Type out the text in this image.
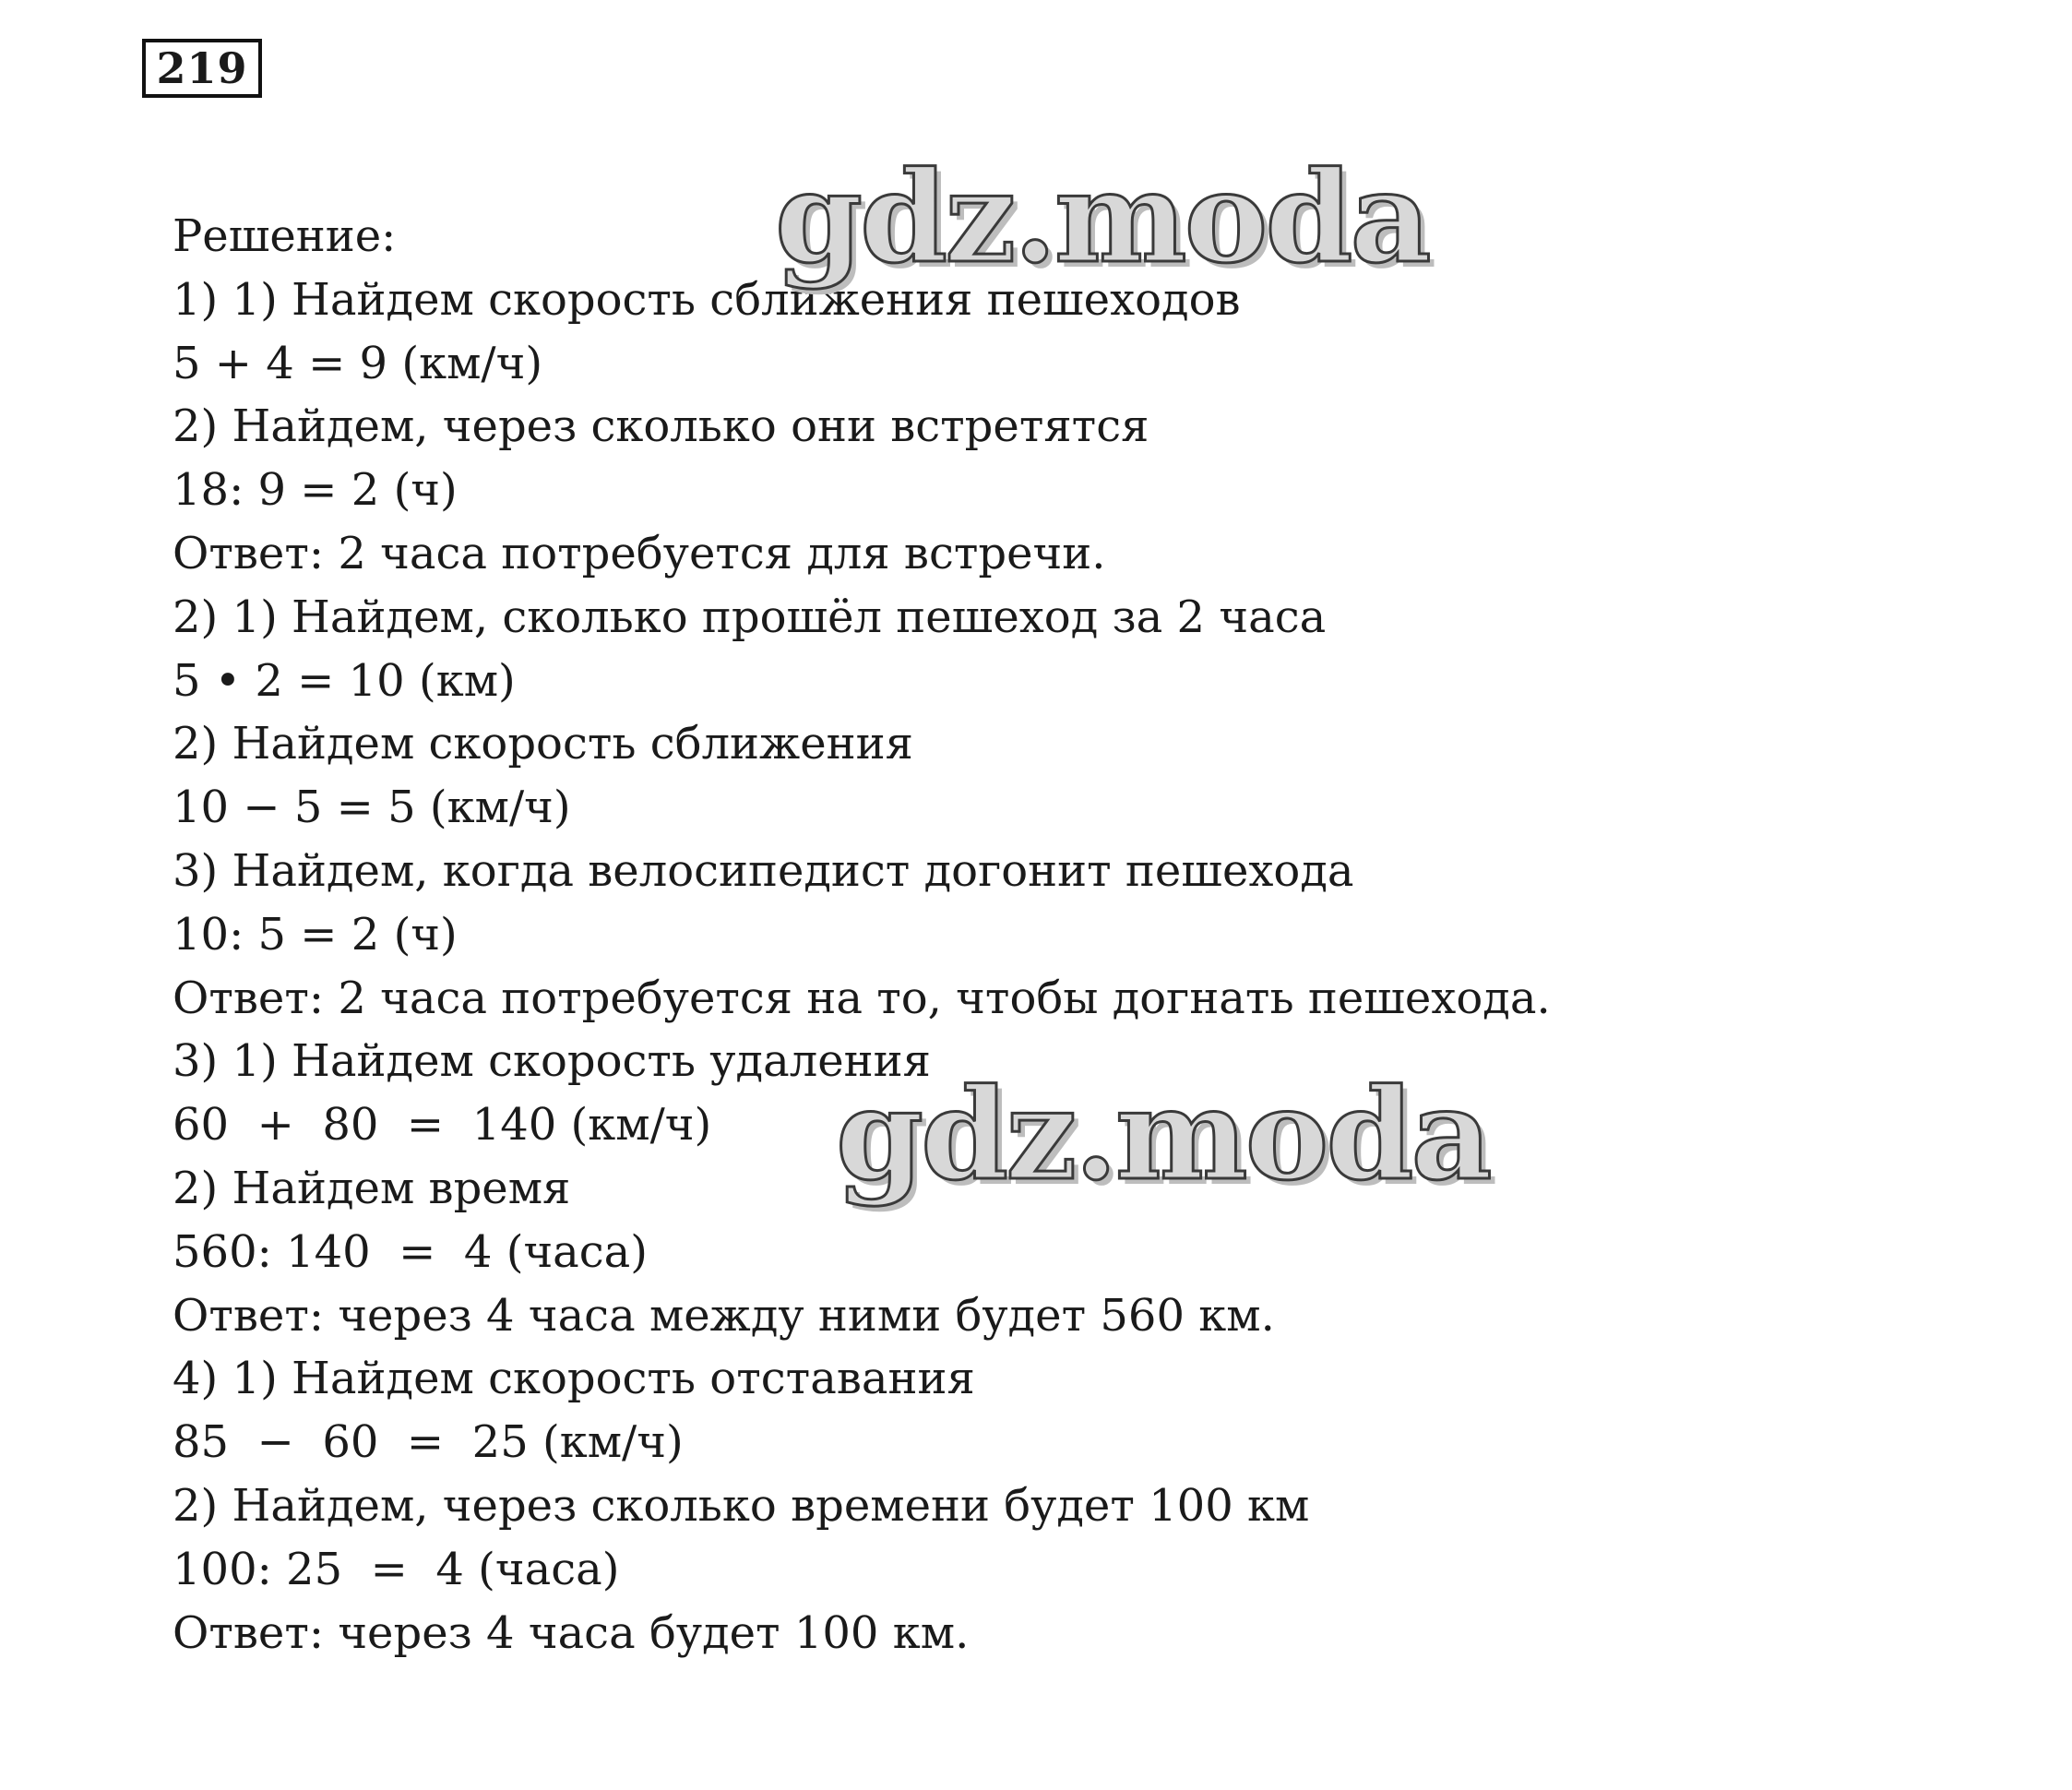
219
Решение:
1) 1) Найдем скорость сближения пешеходов
5 + 4 = 9 (км/ч)
2) Найдем, через сколько они встретятся
18: 9 = 2 (ч)
Ответ: 2 часа потребуется для встречи.
2) 1) Найдем, сколько прошёл пешеход за 2 часа
5 • 2 = 10 (км)
2) Найдем скорость сближения
10 − 5 = 5 (км/ч)
3) Найдем, когда велосипедист догонит пешехода
10: 5 = 2 (ч)
Ответ: 2 часа потребуется на то, чтобы догнать пешехода.
3) 1) Найдем скорость удаления
60  +  80  =  140 (км/ч)
2) Найдем время
560: 140  =  4 (часа)
Ответ: через 4 часа между ними будет 560 км.
4) 1) Найдем скорость отставания
85  −  60  =  25 (км/ч)
2) Найдем, через сколько времени будет 100 км
100: 25  =  4 (часа)
Ответ: через 4 часа будет 100 км.
gdz.moda
gdz.moda
